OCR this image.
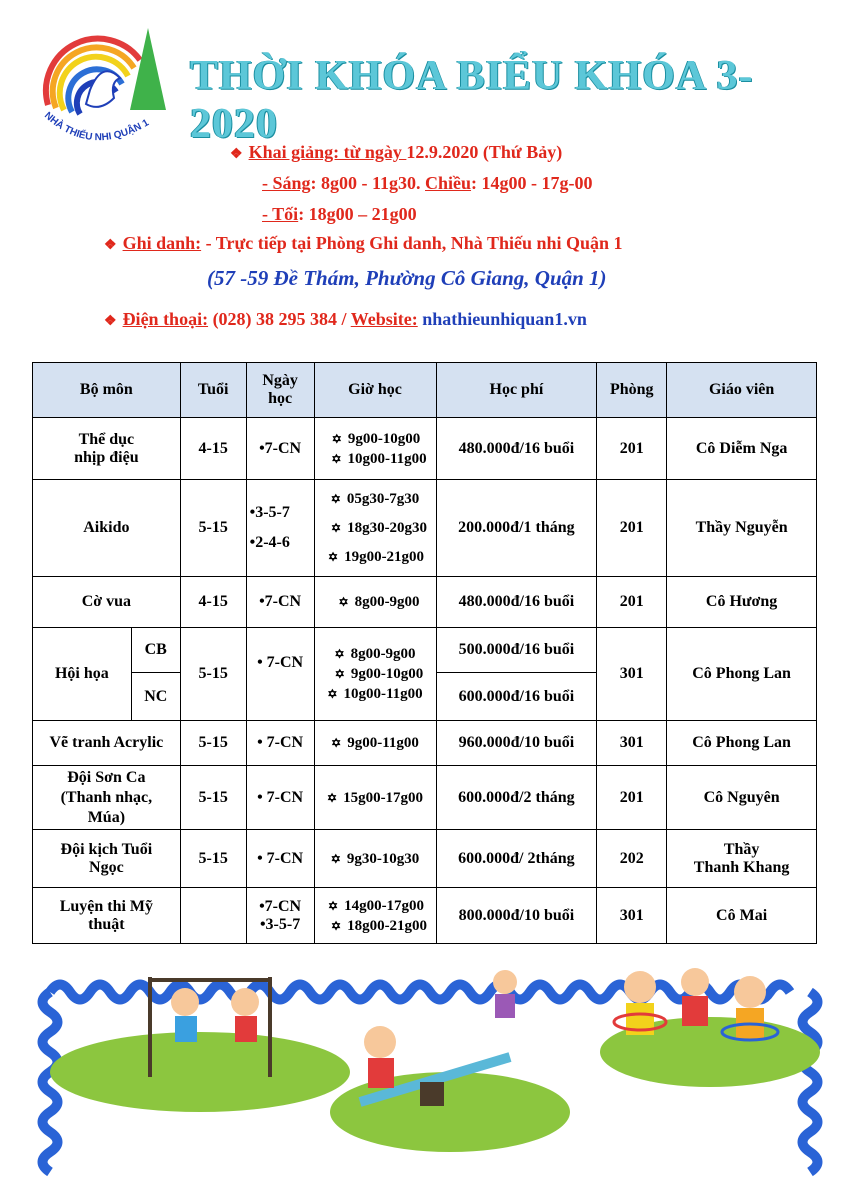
NHÀ THIẾU NHI QUẬN 1
THỜI KHÓA BIỂU KHÓA 3-2020
❖ Khai giảng: từ ngày 12.9.2020 (Thứ Bảy)
- Sáng: 8g00 - 11g30. Chiều: 14g00 - 17g-00
- Tối: 18g00 – 21g00
❖ Ghi danh: - Trực tiếp tại Phòng Ghi danh, Nhà Thiếu nhi Quận 1
(57 -59 Đề Thám, Phường Cô Giang, Quận 1)
❖ Điện thoại: (028) 38 295 384 / Website: nhathieunhiquan1.vn
Bộ môn		Tuổi	Ngày
học	Giờ học	Học phí	Phòng	Giáo viên
Thể dục
nhịp điệu		4-15	•7-CN	✡ 9g00-10g00
✡ 10g00-11g00	480.000đ/16 buổi	201	Cô Diễm Nga
Aikido		5-15	•3-5-7
•2-4-6	✡ 05g30-7g30
✡ 18g30-20g30
✡ 19g00-21g00	200.000đ/1 tháng	201	Thầy Nguyễn
Cờ vua		4-15	•7-CN	✡ 8g00-9g00	480.000đ/16 buổi	201	Cô Hương
Hội họa	CB	5-15	• 7-CN	✡ 8g00-9g00
✡ 9g00-10g00
✡ 10g00-11g00	500.000đ/16 buổi	301	Cô Phong Lan
	NC				600.000đ/16 buổi		
Vẽ tranh Acrylic		5-15	• 7-CN	✡ 9g00-11g00	960.000đ/10 buổi	301	Cô Phong Lan
Đội Sơn Ca
(Thanh nhạc,
Múa)		5-15	• 7-CN	✡ 15g00-17g00	600.000đ/2 tháng	201	Cô Nguyên
Đội kịch Tuổi
Ngọc		5-15	• 7-CN	✡ 9g30-10g30	600.000đ/ 2tháng	202	Thầy
Thanh Khang
Luyện thi Mỹ
thuật			•7-CN
•3-5-7	✡ 14g00-17g00
✡ 18g00-21g00	800.000đ/10 buổi	301	Cô Mai
